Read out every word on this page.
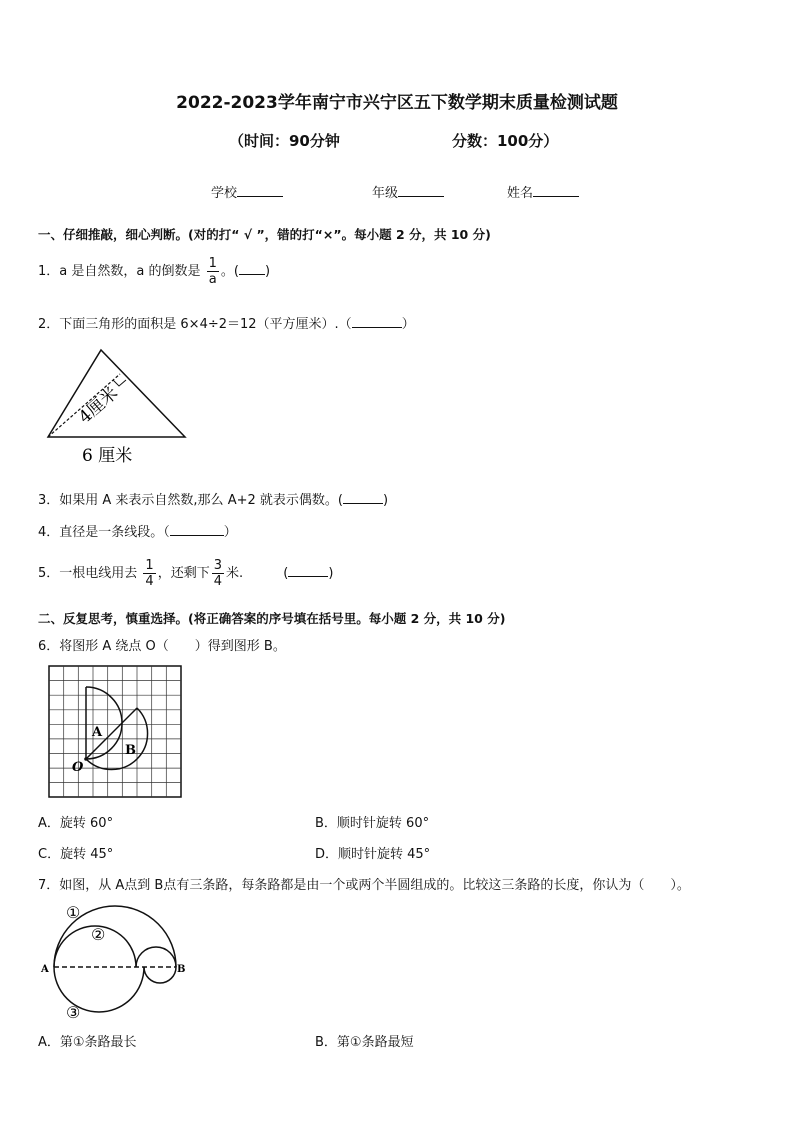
2022-2023学年南宁市兴宁区五下数学期末质量检测试题
（时间：90分钟	分数：100分）
学校	年级	姓名
一、仔细推敲，细心判断。(对的打“ √ ”，错的打“×”。每小题 2 分，共 10 分)
1．a 是自然数，a 的倒数是 $\frac{1}{a}$ 。( )
2．下面三角形的面积是 6×4÷2＝12（平方厘米）.（	）
4厘米
6 厘米
3．如果用 A 来表示自然数,那么 A+2 就表示偶数。(	)
4．直径是一条线段。（	）
5．一根电线用去 $\frac{1}{4}$ ，还剩下 $\frac{3}{4}$ 米.	(	)
二、反复思考，慎重选择。(将正确答案的序号填在括号里。每小题 2 分，共 10 分)
6．将图形 A 绕点 O（　　）得到图形 B。
A
B
O
A．旋转 60°	B．顺时针旋转 60°
C．旋转 45°	D．顺时针旋转 45°
7．如图，从 A点到 B点有三条路，每条路都是由一个或两个半圆组成的。比较这三条路的长度，你认为（　　）。
①
②
③
A	B
A．第①条路最长	B．第①条路最短
